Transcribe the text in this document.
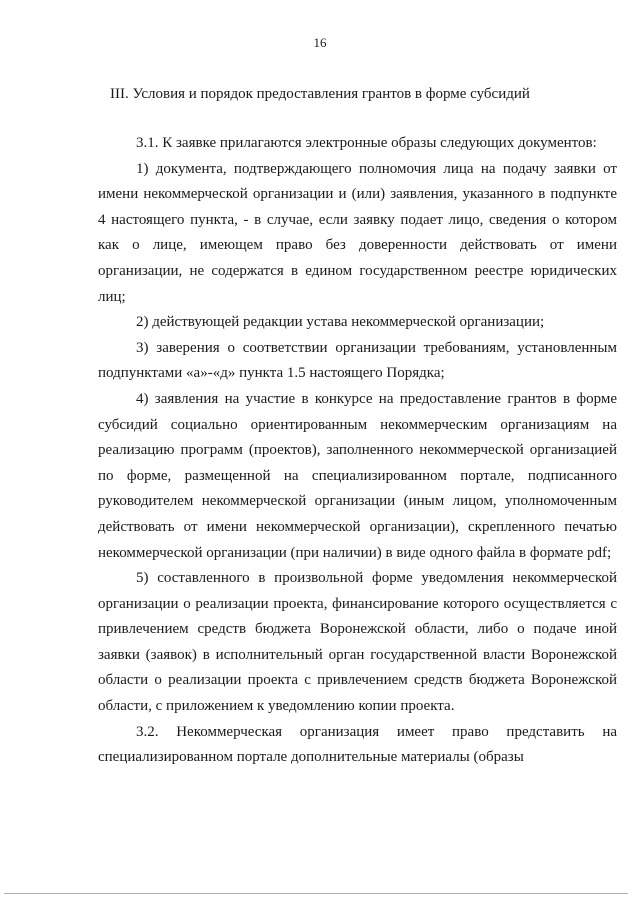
16
III. Условия и порядок предоставления грантов в форме субсидий

3.1. К заявке прилагаются электронные образы следующих документов:

1) документа, подтверждающего полномочия лица на подачу заявки от имени некоммерческой организации и (или) заявления, указанного в подпункте 4 настоящего пункта, - в случае, если заявку подает лицо, сведения о котором как о лице, имеющем право без доверенности действовать от имени организации, не содержатся в едином государственном реестре юридических лиц;

2) действующей редакции устава некоммерческой организации;

3) заверения о соответствии организации требованиям, установленным подпунктами «а»-«д» пункта 1.5 настоящего Порядка;

4) заявления на участие в конкурсе на предоставление грантов в форме субсидий социально ориентированным некоммерческим организациям на реализацию программ (проектов), заполненного некоммерческой организацией по форме, размещенной на специализированном портале, подписанного руководителем некоммерческой организации (иным лицом, уполномоченным действовать от имени некоммерческой организации), скрепленного печатью некоммерческой организации (при наличии) в виде одного файла в формате pdf;

5) составленного в произвольной форме уведомления некоммерческой организации о реализации проекта, финансирование которого осуществляется с привлечением средств бюджета Воронежской области, либо о подаче иной заявки (заявок) в исполнительный орган государственной власти Воронежской области о реализации проекта с привлечением средств бюджета Воронежской области, с приложением к уведомлению копии проекта.

3.2. Некоммерческая организация имеет право представить на специализированном портале дополнительные материалы (образы
